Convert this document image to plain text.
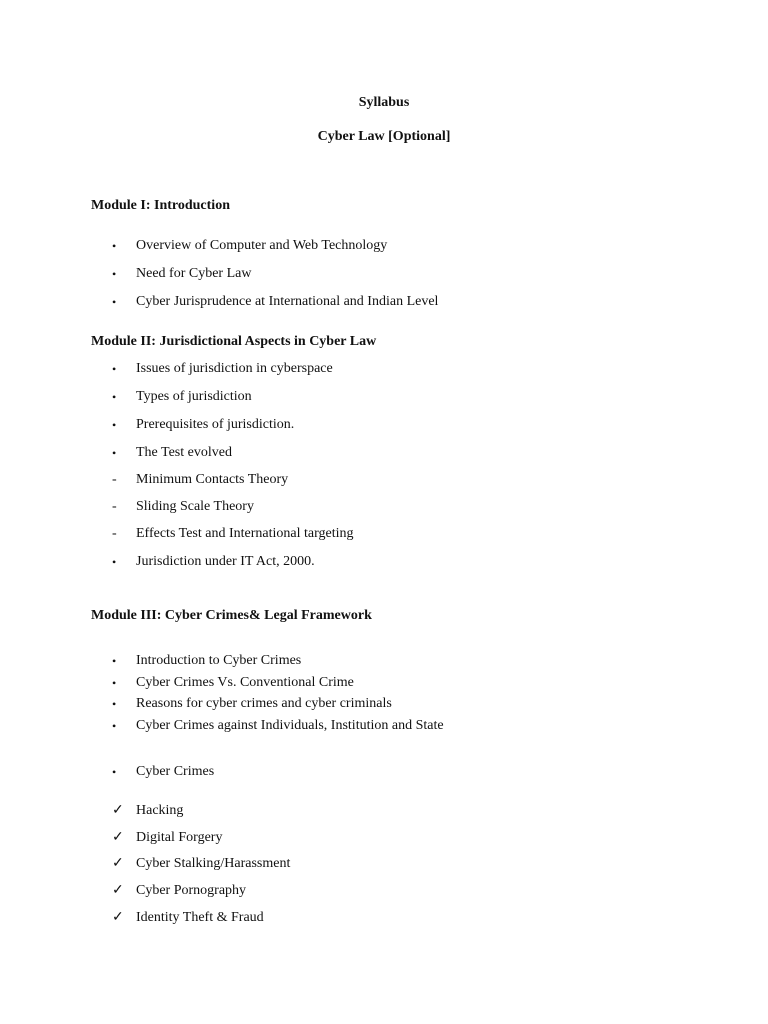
Syllabus
Cyber Law [Optional]
Module I: Introduction
•	Overview of Computer and Web Technology
•	Need for Cyber Law
•	Cyber Jurisprudence at International and Indian Level
Module II: Jurisdictional Aspects in Cyber Law
•	Issues of jurisdiction in cyberspace
•	Types of jurisdiction
•	Prerequisites of jurisdiction.
•	The Test evolved
-	Minimum Contacts Theory
-	Sliding Scale Theory
-	Effects Test and International targeting
•	Jurisdiction under IT Act, 2000.
Module III: Cyber Crimes& Legal Framework
•	Introduction to Cyber Crimes
•	Cyber Crimes Vs. Conventional Crime
•	Reasons for cyber crimes and cyber criminals
•	Cyber Crimes against Individuals, Institution and State
•	Cyber Crimes
✓ Hacking
✓ Digital Forgery
✓ Cyber Stalking/Harassment
✓ Cyber Pornography
✓ Identity Theft & Fraud
